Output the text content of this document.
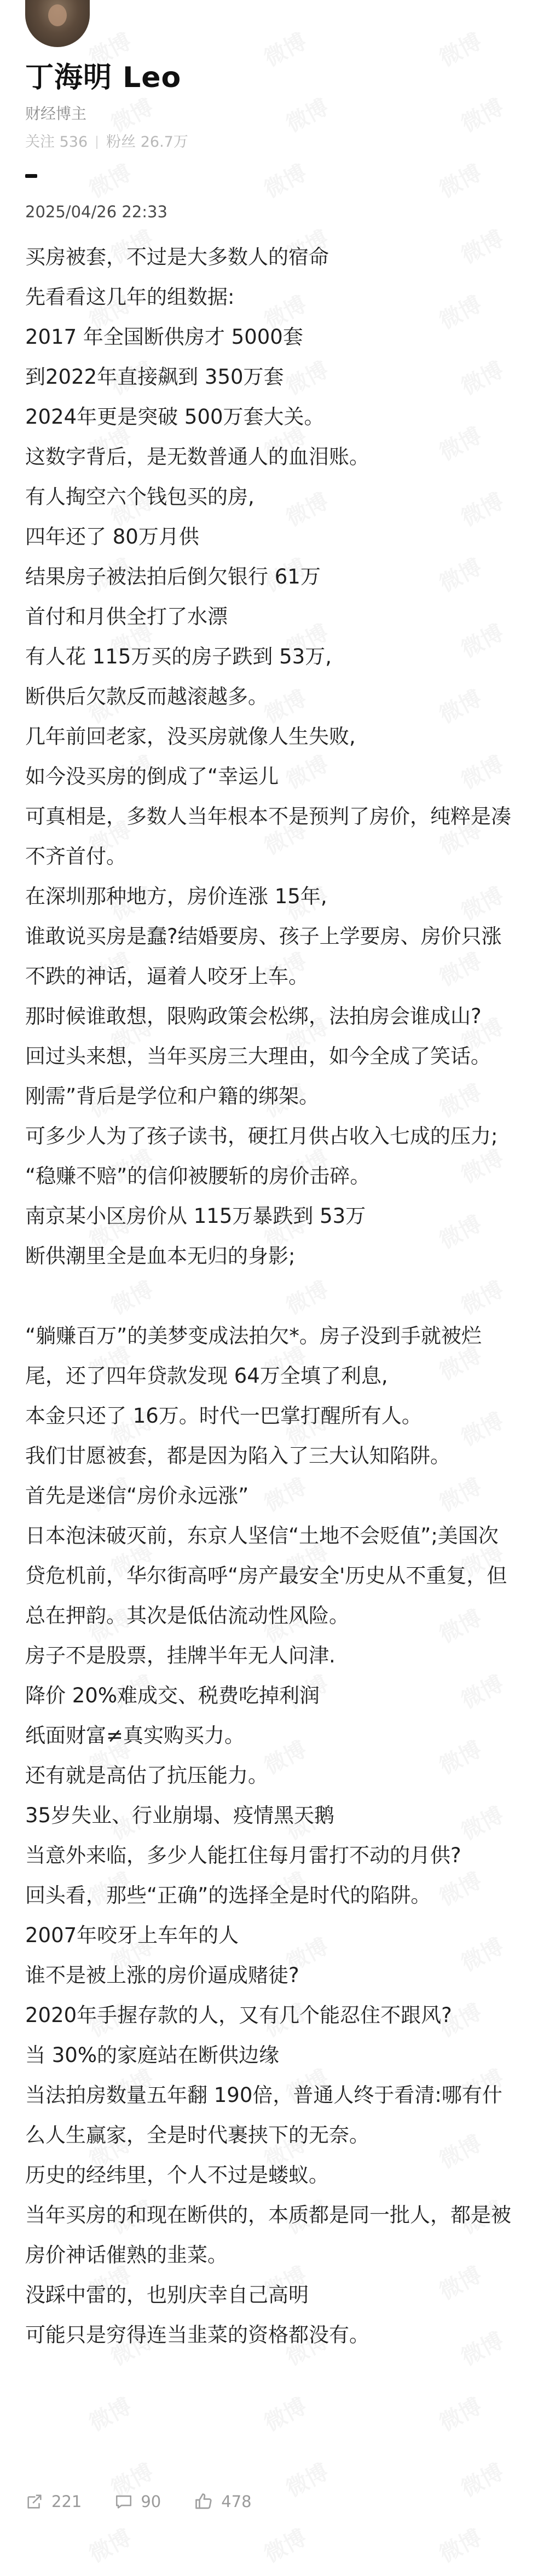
丁海明 Leo
财经博主
关注 536 粉丝 26.7万
2025/04/26 22:33
买房被套，不过是大多数人的宿命
先看看这几年的组数据:
2017 年全国断供房才 5000套
到2022年直接飙到 350万套
2024年更是突破 500万套大关。
这数字背后，是无数普通人的血泪账。
有人掏空六个钱包买的房,
四年还了 80万月供
结果房子被法拍后倒欠银行 61万
首付和月供全打了水漂
有人花 115万买的房子跌到 53万,
断供后欠款反而越滚越多。
几年前回老家，没买房就像人生失败,
如今没买房的倒成了“幸运儿
可真相是，多数人当年根本不是预判了房价，纯粹是凑不齐首付。
在深圳那种地方，房价连涨 15年,
谁敢说买房是蠢?结婚要房、孩子上学要房、房价只涨不跌的神话，逼着人咬牙上车。
那时候谁敢想，限购政策会松绑，法拍房会谁成山?
回过头来想，当年买房三大理由，如今全成了笑话。
刚需”背后是学位和户籍的绑架。
可多少人为了孩子读书，硬扛月供占收入七成的压力;
“稳赚不赔”的信仰被腰斩的房价击碎。
南京某小区房价从 115万暴跌到 53万
断供潮里全是血本无归的身影;
“躺赚百万”的美梦变成法拍欠*。房子没到手就被烂尾，还了四年贷款发现 64万全填了利息,
本金只还了 16万。时代一巴掌打醒所有人。
我们甘愿被套，都是因为陷入了三大认知陷阱。
首先是迷信“房价永远涨”
日本泡沫破灭前，东京人坚信“土地不会贬值”;美国次贷危机前，华尔街高呼“房产最安全'历史从不重复，但总在押韵。其次是低估流动性风险。
房子不是股票，挂牌半年无人问津.
降价 20%难成交、税费吃掉利润
纸面财富≠真实购买力。
还有就是高估了抗压能力。
35岁失业、行业崩塌、疫情黑天鹅
当意外来临，多少人能扛住每月雷打不动的月供?
回头看，那些“正确”的选择全是时代的陷阱。
2007年咬牙上车年的人
谁不是被上涨的房价逼成赌徒?
2020年手握存款的人，又有几个能忍住不跟风?
当 30%的家庭站在断供边缘
当法拍房数量五年翻 190倍，普通人终于看清:哪有什么人生赢家，全是时代裹挟下的无奈。
历史的经纬里，个人不过是蝼蚁。
当年买房的和现在断供的，本质都是同一批人，都是被房价神话催熟的韭菜。
没踩中雷的，也别庆幸自己高明
可能只是穷得连当韭菜的资格都没有。
221	90	478
